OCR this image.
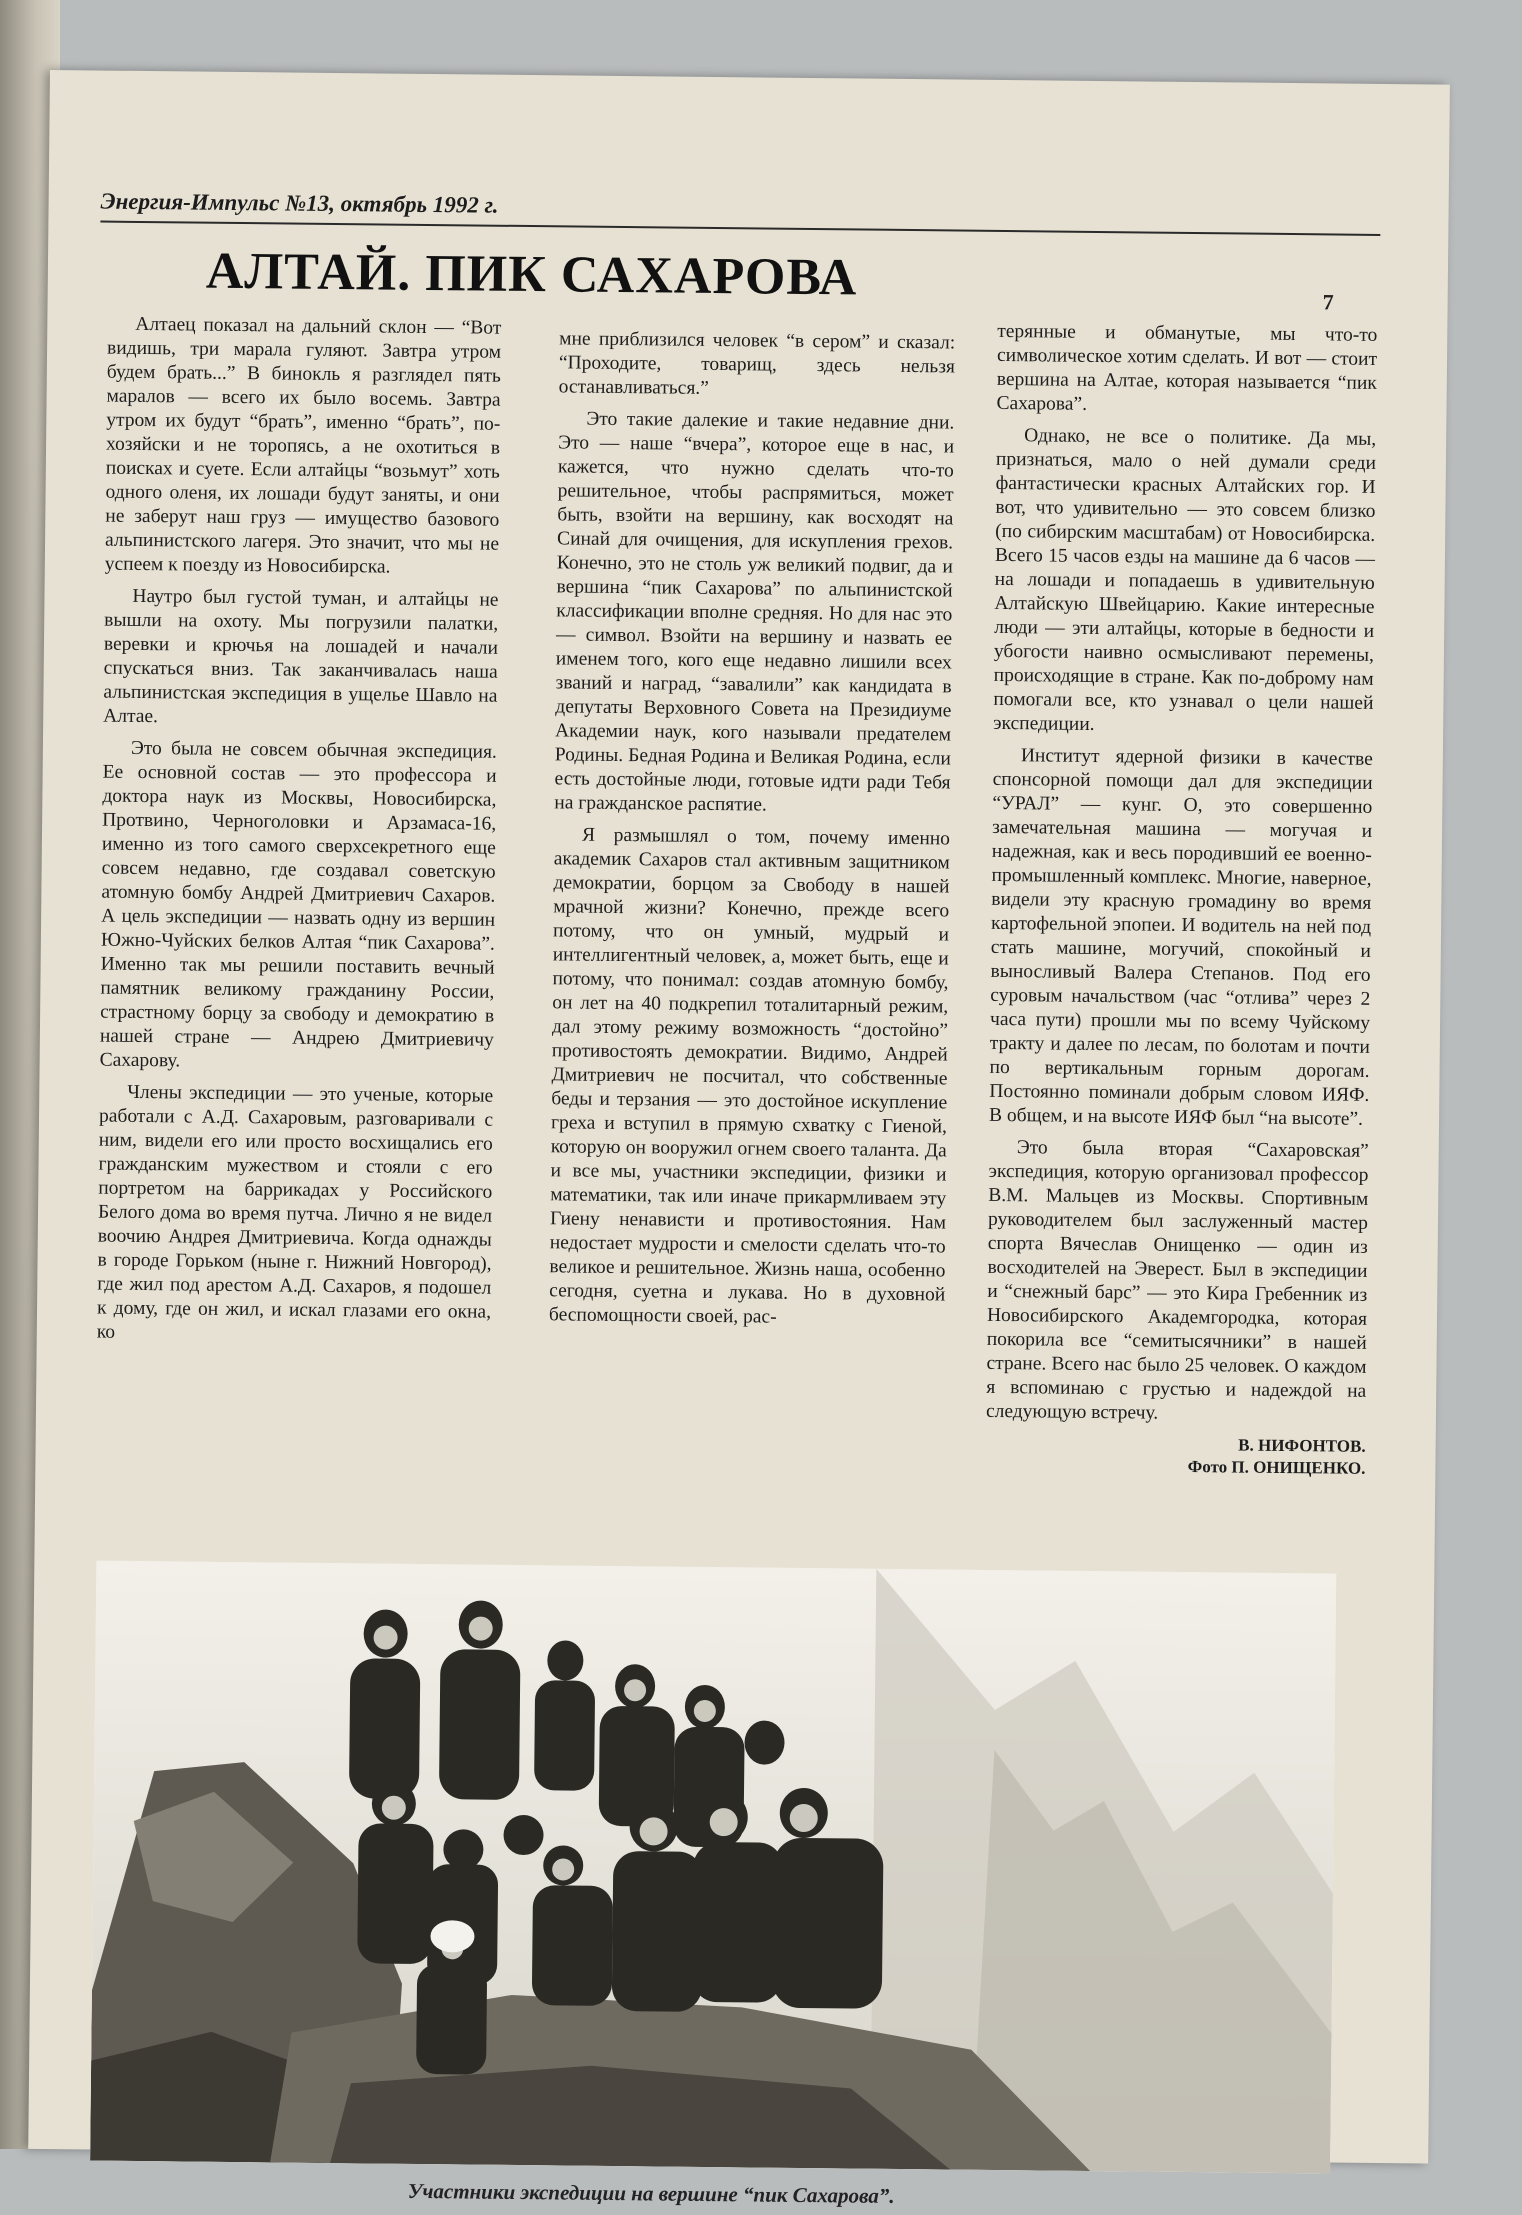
Энергия-Импульс №13, октябрь 1992 г.
АЛТАЙ. ПИК САХАРОВА	7

Алтаец показал на дальний склон — “Вот видишь, три марала гуляют. Завтра утром будем брать...” В бинокль я разглядел пять маралов — всего их было восемь. Завтра утром их будут “брать”, именно “брать”, по-хозяйски и не торопясь, а не охотиться в поисках и суете. Если алтайцы “возьмут” хоть одного оленя, их лошади будут заняты, и они не заберут наш груз — имущество базового альпинистского лагеря. Это значит, что мы не успеем к поезду из Новосибирска.

Наутро был густой туман, и алтайцы не вышли на охоту. Мы погрузили палатки, веревки и крючья на лошадей и начали спускаться вниз. Так заканчивалась наша альпинистская экспедиция в ущелье Шавло на Алтае.

Это была не совсем обычная экспедиция. Ее основной состав — это профессора и доктора наук из Москвы, Новосибирска, Протвино, Черноголовки и Арзамаса-16, именно из того самого сверхсекретного еще совсем недавно, где создавал советскую атомную бомбу Андрей Дмитриевич Сахаров. А цель экспедиции — назвать одну из вершин Южно-Чуйских белков Алтая “пик Сахарова”. Именно так мы решили поставить вечный памятник великому гражданину России, страстному борцу за свободу и демократию в нашей стране — Андрею Дмитриевичу Сахарову.

Члены экспедиции — это ученые, которые работали с А.Д. Сахаровым, разговаривали с ним, видели его или просто восхищались его гражданским мужеством и стояли с его портретом на баррикадах у Российского Белого дома во время путча. Лично я не видел воочию Андрея Дмитриевича. Когда однажды в городе Горьком (ныне г. Нижний Новгород), где жил под арестом А.Д. Сахаров, я подошел к дому, где он жил, и искал глазами его окна, ко

мне приблизился человек “в сером” и сказал: “Проходите, товарищ, здесь нельзя останавливаться.”

Это такие далекие и такие недавние дни. Это — наше “вчера”, которое еще в нас, и кажется, что нужно сделать что-то решительное, чтобы распрямиться, может быть, взойти на вершину, как восходят на Синай для очищения, для искупления грехов. Конечно, это не столь уж великий подвиг, да и вершина “пик Сахарова” по альпинистской классификации вполне средняя. Но для нас это — символ. Взойти на вершину и назвать ее именем того, кого еще недавно лишили всех званий и наград, “завалили” как кандидата в депутаты Верховного Совета на Президиуме Академии наук, кого называли предателем Родины. Бедная Родина и Великая Родина, если есть достойные люди, готовые идти ради Тебя на гражданское распятие.

Я размышлял о том, почему именно академик Сахаров стал активным защитником демократии, борцом за Свободу в нашей мрачной жизни? Конечно, прежде всего потому, что он умный, мудрый и интеллигентный человек, а, может быть, еще и потому, что понимал: создав атомную бомбу, он лет на 40 подкрепил тоталитарный режим, дал этому режиму возможность “достойно” противостоять демократии. Видимо, Андрей Дмитриевич не посчитал, что собственные беды и терзания — это достойное искупление греха и вступил в прямую схватку с Гиеной, которую он вооружил огнем своего таланта. Да и все мы, участники экспедиции, физики и математики, так или иначе прикармливаем эту Гиену ненависти и противостояния. Нам недостает мудрости и смелости сделать что-то великое и решительное. Жизнь наша, особенно сегодня, суетна и лукава. Но в духовной беспомощности своей, рас-

терянные и обманутые, мы что-то символическое хотим сделать. И вот — стоит вершина на Алтае, которая называется “пик Сахарова”.

Однако, не все о политике. Да мы, признаться, мало о ней думали среди фантастически красных Алтайских гор. И вот, что удивительно — это совсем близко (по сибирским масштабам) от Новосибирска. Всего 15 часов езды на машине да 6 часов — на лошади и попадаешь в удивительную Алтайскую Швейцарию. Какие интересные люди — эти алтайцы, которые в бедности и убогости наивно осмысливают перемены, происходящие в стране. Как по-доброму нам помогали все, кто узнавал о цели нашей экспедиции.

Институт ядерной физики в качестве спонсорной помощи дал для экспедиции “УРАЛ” — кунг. О, это совершенно замечательная машина — могучая и надежная, как и весь породивший ее военно-промышленный комплекс. Многие, наверное, видели эту красную громадину во время картофельной эпопеи. И водитель на ней под стать машине, могучий, спокойный и выносливый Валера Степанов. Под его суровым начальством (час “отлива” через 2 часа пути) прошли мы по всему Чуйскому тракту и далее по лесам, по болотам и почти по вертикальным горным дорогам. Постоянно поминали добрым словом ИЯФ. В общем, и на высоте ИЯФ был “на высоте”.

Это была вторая “Сахаровская” экспедиция, которую организовал профессор В.М. Мальцев из Москвы. Спортивным руководителем был заслуженный мастер спорта Вячеслав Онищенко — один из восходителей на Эверест. Был в экспедиции и “снежный барс” — это Кира Гребенник из Новосибирского Академгородка, которая покорила все “семитысячники” в нашей стране. Всего нас было 25 человек. О каждом я вспоминаю с грустью и надеждой на следующую встречу.

В. НИФОНТОВ.
Фото П. ОНИЩЕНКО.
Участники экспедиции на вершине “пик Сахарова”.
